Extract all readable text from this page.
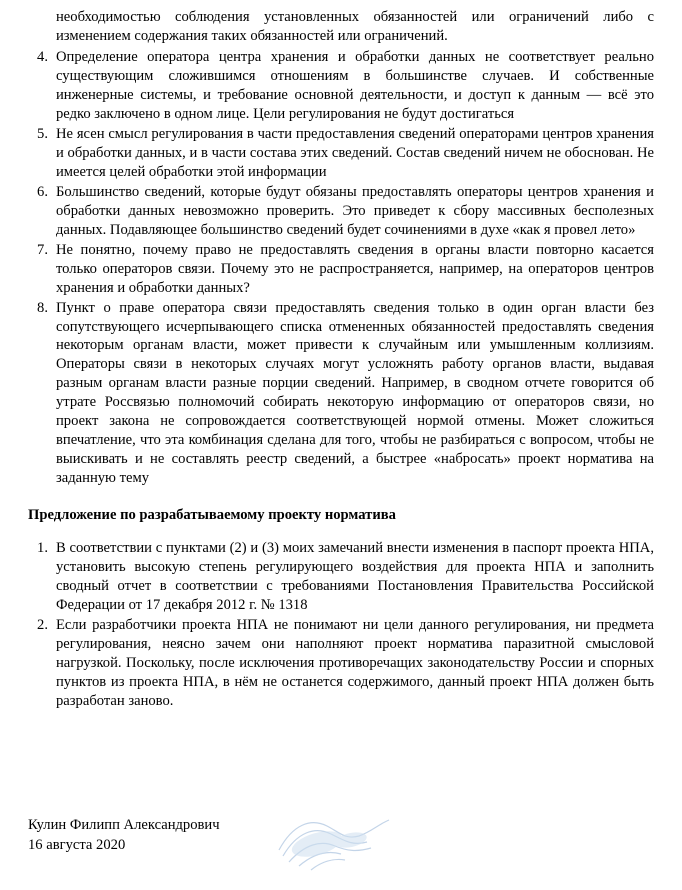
необходимостью соблюдения установленных обязанностей или ограничений либо с изменением содержания таких обязанностей или ограничений.

4. Определение оператора центра хранения и обработки данных не соответствует реально существующим сложившимся отношениям в большинстве случаев. И собственные инженерные системы, и требование основной деятельности, и доступ к данным — всё это редко заключено в одном лице. Цели регулирования не будут достигаться
5. Не ясен смысл регулирования в части предоставления сведений операторами центров хранения и обработки данных, и в части состава этих сведений. Состав сведений ничем не обоснован. Не имеется целей обработки этой информации
6. Большинство сведений, которые будут обязаны предоставлять операторы центров хранения и обработки данных невозможно проверить. Это приведет к сбору массивных бесполезных данных. Подавляющее большинство сведений будет сочинениями в духе «как я провел лето»
7. Не понятно, почему право не предоставлять сведения в органы власти повторно касается только операторов связи. Почему это не распространяется, например, на операторов центров хранения и обработки данных?
8. Пункт о праве оператора связи предоставлять сведения только в один орган власти без сопутствующего исчерпывающего списка отмененных обязанностей предоставлять сведения некоторым органам власти, может привести к случайным или умышленным коллизиям. Операторы связи в некоторых случаях могут усложнять работу органов власти, выдавая разным органам власти разные порции сведений. Например, в сводном отчете говорится об утрате Россвязью полномочий собирать некоторую информацию от операторов связи, но проект закона не сопровождается соответствующей нормой отмены. Может сложиться впечатление, что эта комбинация сделана для того, чтобы не разбираться с вопросом, чтобы не выискивать и не составлять реестр сведений, а быстрее «набросать» проект норматива на заданную тему
Предложение по разрабатываемому проекту норматива
1. В соответствии с пунктами (2) и (3) моих замечаний внести изменения в паспорт проекта НПА, установить высокую степень регулирующего воздействия для проекта НПА и заполнить сводный отчет в соответствии с требованиями Постановления Правительства Российской Федерации от 17 декабря 2012 г. № 1318
2. Если разработчики проекта НПА не понимают ни цели данного регулирования, ни предмета регулирования, неясно зачем они наполняют проект норматива паразитной смысловой нагрузкой. Поскольку, после исключения противоречащих законодательству России и спорных пунктов из проекта НПА, в нём не останется содержимого, данный проект НПА должен быть разработан заново.
Кулин Филипп Александрович
16 августа 2020
